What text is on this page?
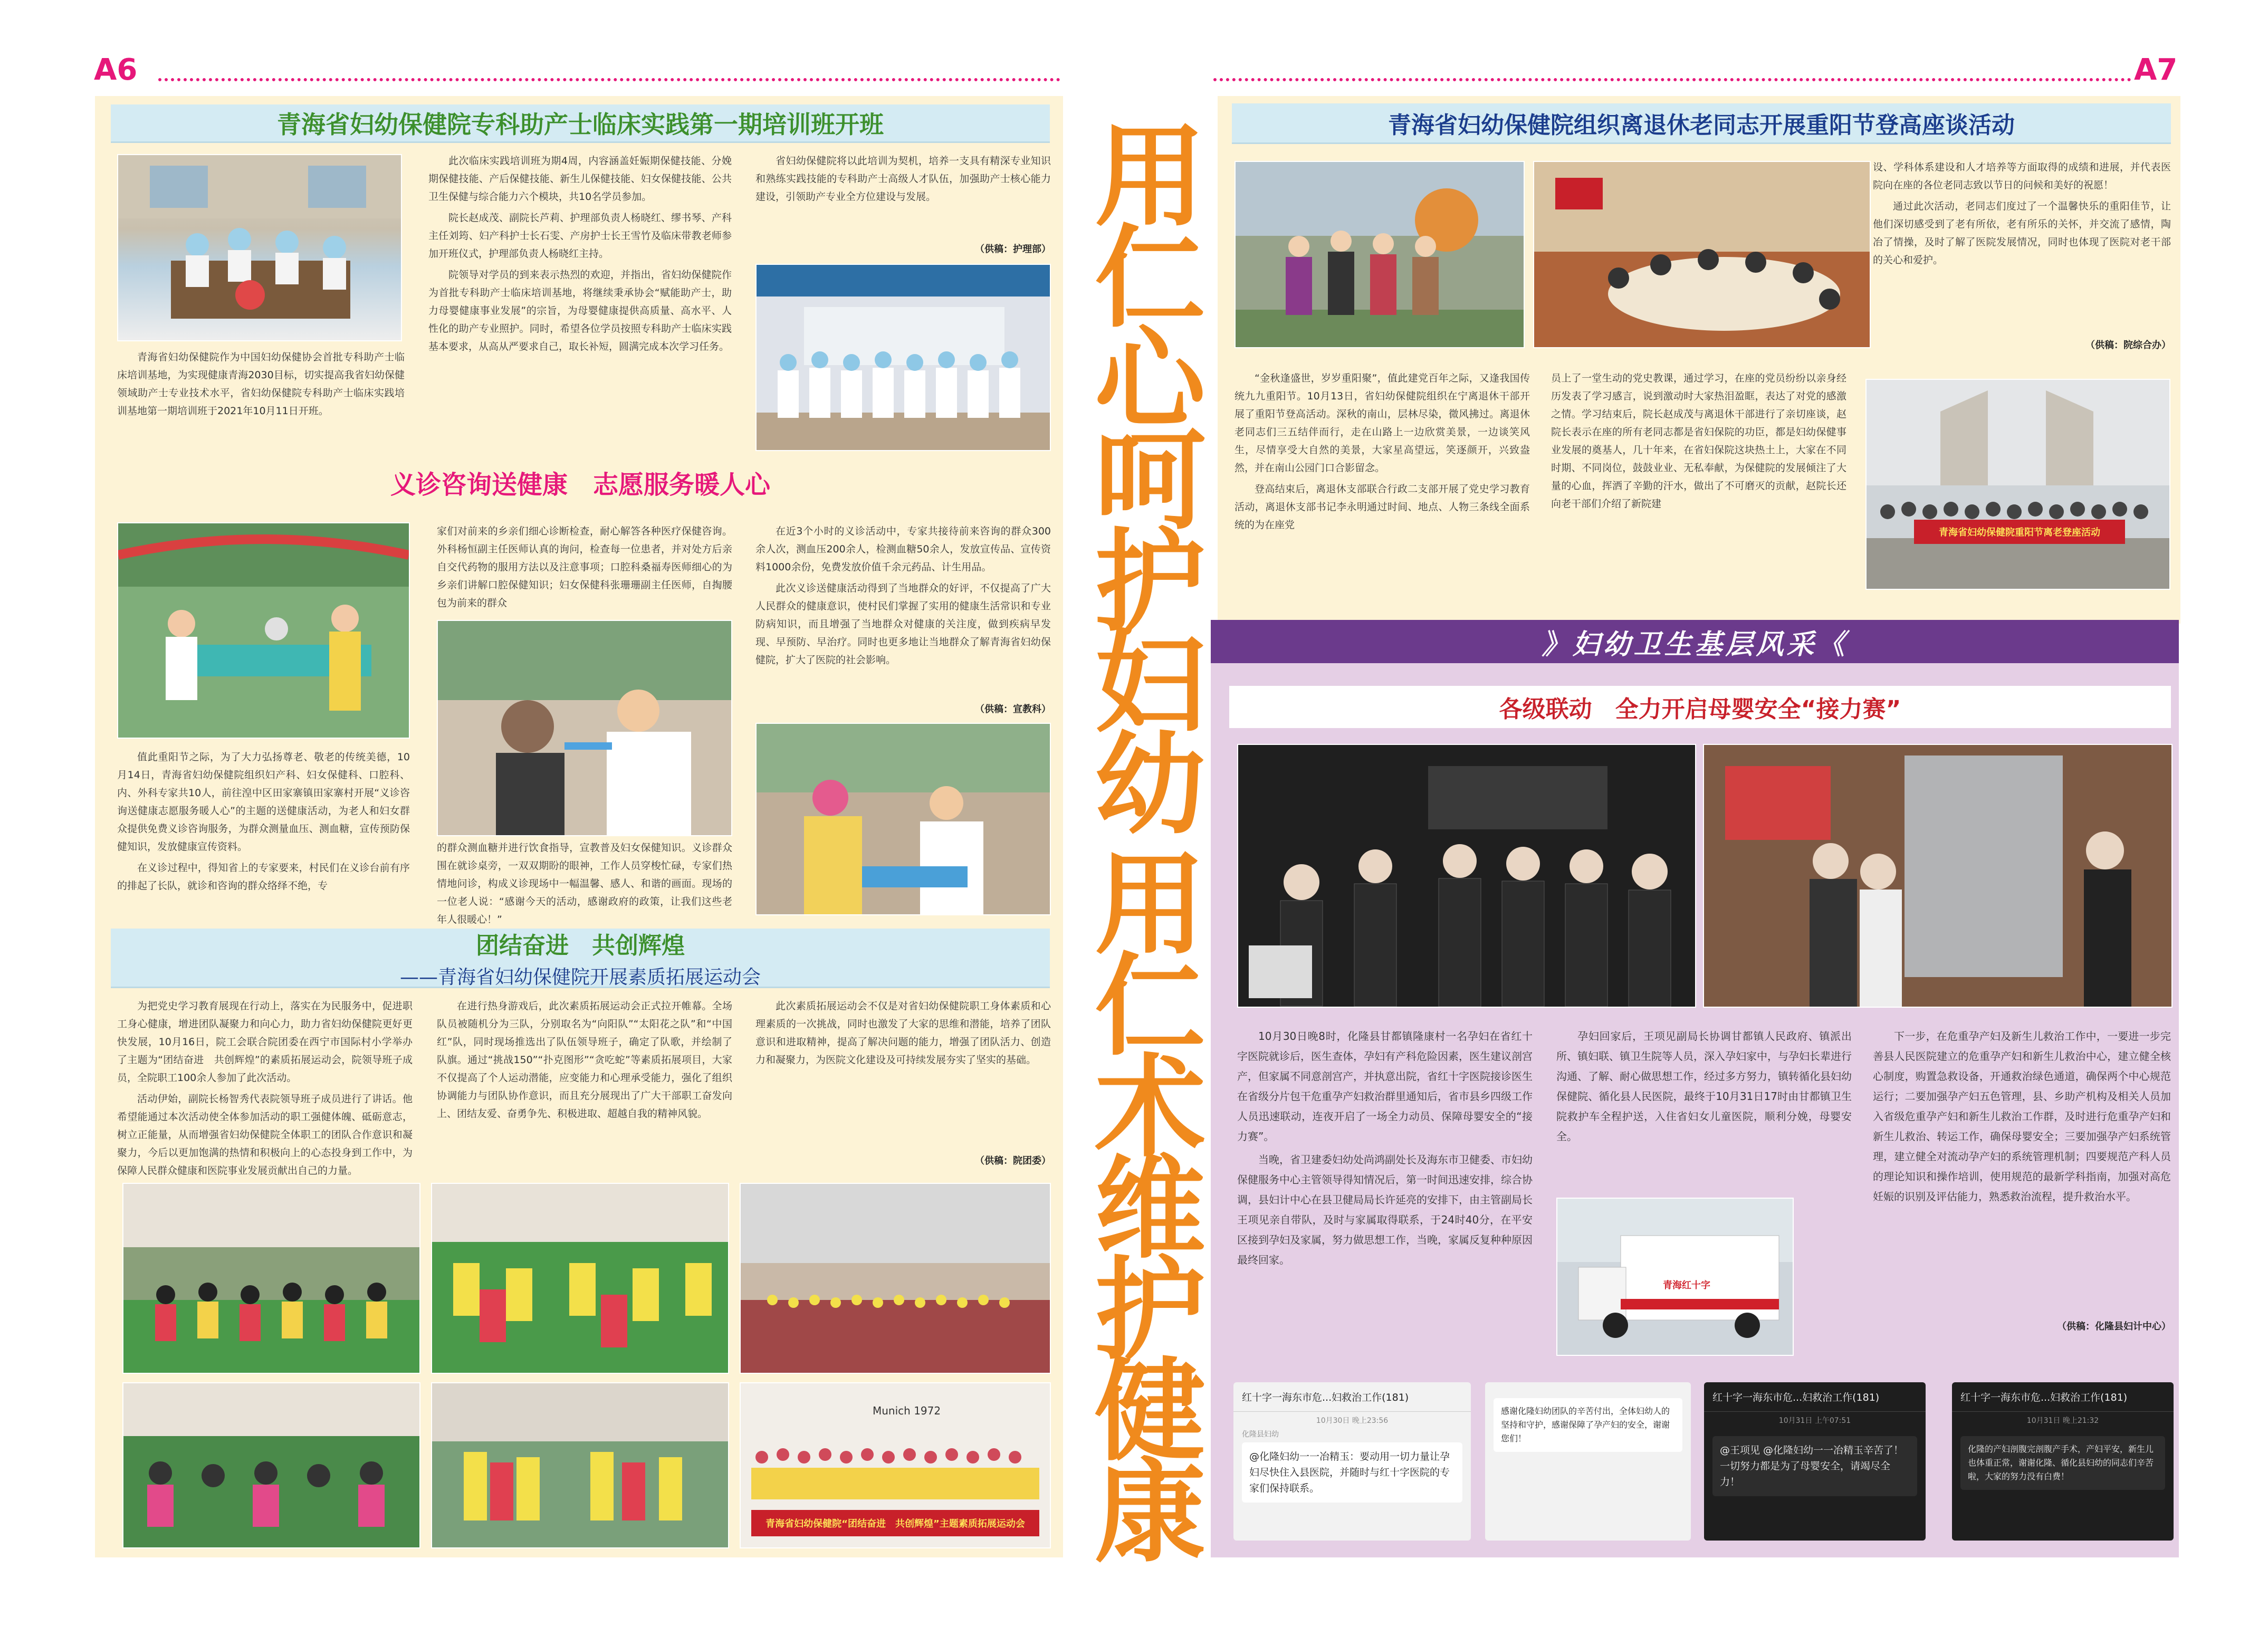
A6
青海省妇幼保健院专科助产士临床实践第一期培训班开班

青海省妇幼保健院作为中国妇幼保健协会首批专科助产士临床培训基地，为实现健康青海2030目标，切实提高我省妇幼保健领域助产士专业技术水平，省妇幼保健院专科助产士临床实践培训基地第一期培训班于2021年10月11日开班。

此次临床实践培训班为期4周，内容涵盖妊娠期保健技能、分娩期保健技能、产后保健技能、新生儿保健技能、妇女保健技能、公共卫生保健与综合能力六个模块，共10名学员参加。

院长赵成茂、副院长芦莉、护理部负责人杨晓红、缪书琴、产科主任刘筠、妇产科护士长石雯、产房护士长王雪竹及临床带教老师参加开班仪式，护理部负责人杨晓红主持。

院领导对学员的到来表示热烈的欢迎，并指出，省妇幼保健院作为首批专科助产士临床培训基地，将继续秉承协会“赋能助产士，助力母婴健康事业发展”的宗旨，为母婴健康提供高质量、高水平、人性化的助产专业照护。同时，希望各位学员按照专科助产士临床实践基本要求，从高从严要求自己，取长补短，圆满完成本次学习任务。

省妇幼保健院将以此培训为契机，培养一支具有精深专业知识和熟练实践技能的专科助产士高级人才队伍，加强助产士核心能力建设，引领助产专业全方位建设与发展。

（供稿：护理部）
义诊咨询送健康　志愿服务暖人心

值此重阳节之际，为了大力弘扬尊老、敬老的传统美德，10月14日，青海省妇幼保健院组织妇产科、妇女保健科、口腔科、内、外科专家共10人，前往湟中区田家寨镇田家寨村开展“义诊咨询送健康志愿服务暖人心”的主题的送健康活动，为老人和妇女群众提供免费义诊咨询服务，为群众测量血压、测血糖，宣传预防保健知识，发放健康宣传资料。

在义诊过程中，得知省上的专家要来，村民们在义诊台前有序的排起了长队，就诊和咨询的群众络绎不绝，专

家们对前来的乡亲们细心诊断检查，耐心解答各种医疗保健咨询。外科杨恒副主任医师认真的询问，检查每一位患者，并对处方后亲自交代药物的服用方法以及注意事项；口腔科桑福寿医师细心的为乡亲们讲解口腔保健知识；妇女保健科张珊珊副主任医师，自掏腰包为前来的群众

的群众测血糖并进行饮食指导，宣教普及妇女保健知识。义诊群众围在就诊桌旁，一双双期盼的眼神，工作人员穿梭忙碌，专家们热情地问诊，构成义诊现场中一幅温馨、感人、和谐的画面。现场的一位老人说：“感谢今天的活动，感谢政府的政策，让我们这些老年人很暖心！”

在近3个小时的义诊活动中，专家共接待前来咨询的群众300余人次，测血压200余人，检测血糖50余人，发放宣传品、宣传资料1000余份，免费发放价值千余元药品、计生用品。

此次义诊送健康活动得到了当地群众的好评，不仅提高了广大人民群众的健康意识，使村民们掌握了实用的健康生活常识和专业防病知识，而且增强了当地群众对健康的关注度，做到疾病早发现、早预防、早治疗。同时也更多地让当地群众了解青海省妇幼保健院，扩大了医院的社会影响。

（供稿：宣教科）
团结奋进　共创辉煌
——青海省妇幼保健院开展素质拓展运动会

为把党史学习教育展现在行动上，落实在为民服务中，促进职工身心健康，增进团队凝聚力和向心力，助力省妇幼保健院更好更快发展，10月16日，院工会联合院团委在西宁市国际村小学举办了主题为“团结奋进　共创辉煌”的素质拓展运动会，院领导班子成员，全院职工100余人参加了此次活动。

活动伊始，副院长杨智秀代表院领导班子成员进行了讲话。他希望能通过本次活动使全体参加活动的职工强健体魄、砥砺意志，树立正能量，从而增强省妇幼保健院全体职工的团队合作意识和凝聚力，今后以更加饱满的热情和积极向上的心态投身到工作中，为保障人民群众健康和医院事业发展贡献出自己的力量。

在进行热身游戏后，此次素质拓展运动会正式拉开帷幕。全场队员被随机分为三队，分别取名为“向阳队”“太阳花之队”和“中国红”队，同时现场推选出了队伍领导班子，确定了队歌，并绘制了队旗。通过“挑战150”“扑克图形”“贪吃蛇”等素质拓展项目，大家不仅提高了个人运动潜能，应变能力和心理承受能力，强化了组织协调能力与团队协作意识，而且充分展现出了广大干部职工奋发向上、团结友爱、奋勇争先、积极进取、超越自我的精神风貌。

此次素质拓展运动会不仅是对省妇幼保健院职工身体素质和心理素质的一次挑战，同时也激发了大家的思维和潜能，培养了团队意识和进取精神，提高了解决问题的能力，增强了团队活力、创造力和凝聚力，为医院文化建设及可持续发展夯实了坚实的基础。

（供稿：院团委）
Munich 1972
青海省妇幼保健院“团结奋进　共创辉煌”主题素质拓展运动会
用仁心呵护妇幼
用仁术维护健康
A7
青海省妇幼保健院组织离退休老同志开展重阳节登高座谈活动

“金秋逢盛世，岁岁重阳聚”，值此建党百年之际，又逢我国传统九九重阳节。10月13日，省妇幼保健院组织在宁离退休干部开展了重阳节登高活动。深秋的南山，层林尽染，微风拂过。离退休老同志们三五结伴而行，走在山路上一边欣赏美景，一边谈笑风生，尽情享受大自然的美景，大家星高望远，笑逐颜开，兴致盎然，并在南山公园门口合影留念。

登高结束后，离退休支部联合行政二支部开展了党史学习教育活动，离退休支部书记李永明通过时间、地点、人物三条线全面系统的为在座党

员上了一堂生动的党史教课，通过学习，在座的党员纷纷以亲身经历发表了学习感言，说到激动时大家热泪盈眶，表达了对党的感激之情。学习结束后，院长赵成茂与离退休干部进行了亲切座谈，赵院长表示在座的所有老同志都是省妇保院的功臣，都是妇幼保健事业发展的奠基人，几十年来，在省妇保院这块热土上，大家在不同时期、不同岗位，鼓鼓业业、无私奉献，为保健院的发展倾注了大量的心血，挥洒了辛勤的汗水，做出了不可磨灭的贡献，赵院长还向老干部们介绍了新院建

设、学科体系建设和人才培养等方面取得的成绩和进展，并代表医院向在座的各位老同志致以节日的问候和美好的祝愿！

通过此次活动，老同志们度过了一个温馨快乐的重阳佳节，让他们深切感受到了老有所依，老有所乐的关怀，并交流了感情，陶冶了情操，及时了解了医院发展情况，同时也体现了医院对老干部的关心和爱护。

（供稿：院综合办）
青海省妇幼保健院重阳节离老登座活动
》妇幼卫生基层风采《
各级联动　全力开启母婴安全“接力赛”

10月30日晚8时，化隆县甘都镇隆康村一名孕妇在省红十字医院就诊后，医生查体，孕妇有产科危险因素，医生建议剖宫产，但家属不同意剖宫产，并执意出院，省红十字医院接诊医生在省级分片包干危重孕产妇救治群里通知后，省市县乡四级工作人员迅速联动，连夜开启了一场全力动员、保障母婴安全的“接力赛”。

当晚，省卫建委妇幼处尚鸿副处长及海东市卫健委、市妇幼保健服务中心主管领导得知情况后，第一时间迅速安排，综合协调，县妇计中心在县卫健局局长许延亮的安排下，由主管副局长王项见亲自带队，及时与家属取得联系，于24时40分，在平安区接到孕妇及家属，努力做思想工作，当晚，家属反复种种原因最终回家。

孕妇回家后，王项见副局长协调甘都镇人民政府、镇派出所、镇妇联、镇卫生院等人员，深入孕妇家中，与孕妇长辈进行沟通、了解、耐心做思想工作，经过多方努力，镇转循化县妇幼保健院、循化县人民医院，最终于10月31日17时由甘都镇卫生院救护车全程护送，入住省妇女儿童医院，顺利分娩，母婴安全。

青海红十字

下一步，在危重孕产妇及新生儿救治工作中，一要进一步完善县人民医院建立的危重孕产妇和新生儿救治中心，建立健全核心制度，购置急救设备，开通救治绿色通道，确保两个中心规范运行；二要加强孕产妇五色管理，县、乡助产机构及相关人员加入省级危重孕产妇和新生儿救治工作群，及时进行危重孕产妇和新生儿救治、转运工作，确保母婴安全；三要加强孕产妇系统管理，建立健全对流动孕产妇的系统管理机制；四要规范产科人员的理论知识和操作培训，使用规范的最新学科指南，加强对高危妊娠的识别及评估能力，熟悉救治流程，提升救治水平。

（供稿：化隆县妇计中心）
红十字一海东市危...妇救治工作(181)
10月30日 晚上23:56
化隆县妇幼
@化隆妇幼一一冶精玉：要动用一切力量让孕妇尽快住入县医院，并随时与红十字医院的专家们保持联系。
感谢化隆妇幼团队的辛苦付出，全体妇幼人的坚持和守护，感谢保障了孕产妇的安全，谢谢您们！
红十字一海东市危...妇救治工作(181)
10月31日 上午07:51
@王项见 @化隆妇幼一一冶精玉辛苦了！一切努力都是为了母婴安全，请竭尽全力！
红十字一海东市危...妇救治工作(181)
10月31日 晚上21:32
化隆的产妇剖腹完剖腹产手术，产妇平安，新生儿也体重正常，谢谢化隆、循化县妇幼的同志们辛苦啦，大家的努力没有白费！
